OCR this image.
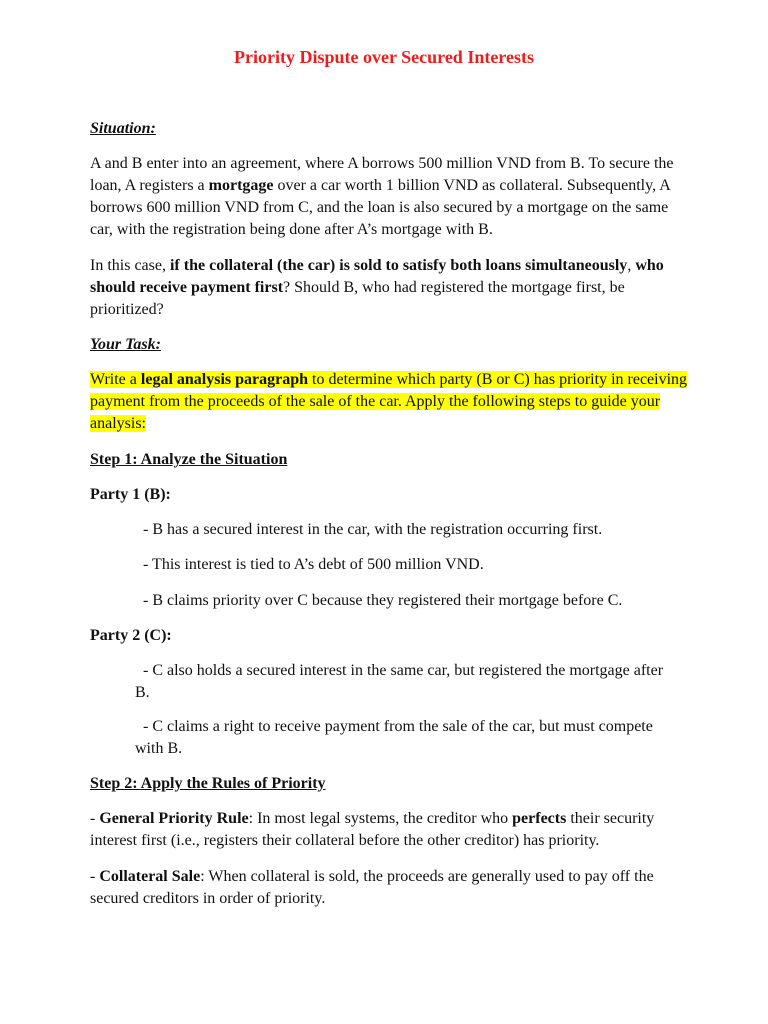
Priority Dispute over Secured Interests

Situation:

A and B enter into an agreement, where A borrows 500 million VND from B. To secure the loan, A registers a mortgage over a car worth 1 billion VND as collateral. Subsequently, A borrows 600 million VND from C, and the loan is also secured by a mortgage on the same car, with the registration being done after A’s mortgage with B.

In this case, if the collateral (the car) is sold to satisfy both loans simultaneously, who should receive payment first? Should B, who had registered the mortgage first, be prioritized?

Your Task:

Write a legal analysis paragraph to determine which party (B or C) has priority in receiving payment from the proceeds of the sale of the car. Apply the following steps to guide your analysis:

Step 1: Analyze the Situation

Party 1 (B):

- B has a secured interest in the car, with the registration occurring first.

- This interest is tied to A’s debt of 500 million VND.

- B claims priority over C because they registered their mortgage before C.

Party 2 (C):

- C also holds a secured interest in the same car, but registered the mortgage after B.

- C claims a right to receive payment from the sale of the car, but must compete with B.

Step 2: Apply the Rules of Priority

- General Priority Rule: In most legal systems, the creditor who perfects their security interest first (i.e., registers their collateral before the other creditor) has priority.

- Collateral Sale: When collateral is sold, the proceeds are generally used to pay off the secured creditors in order of priority.
